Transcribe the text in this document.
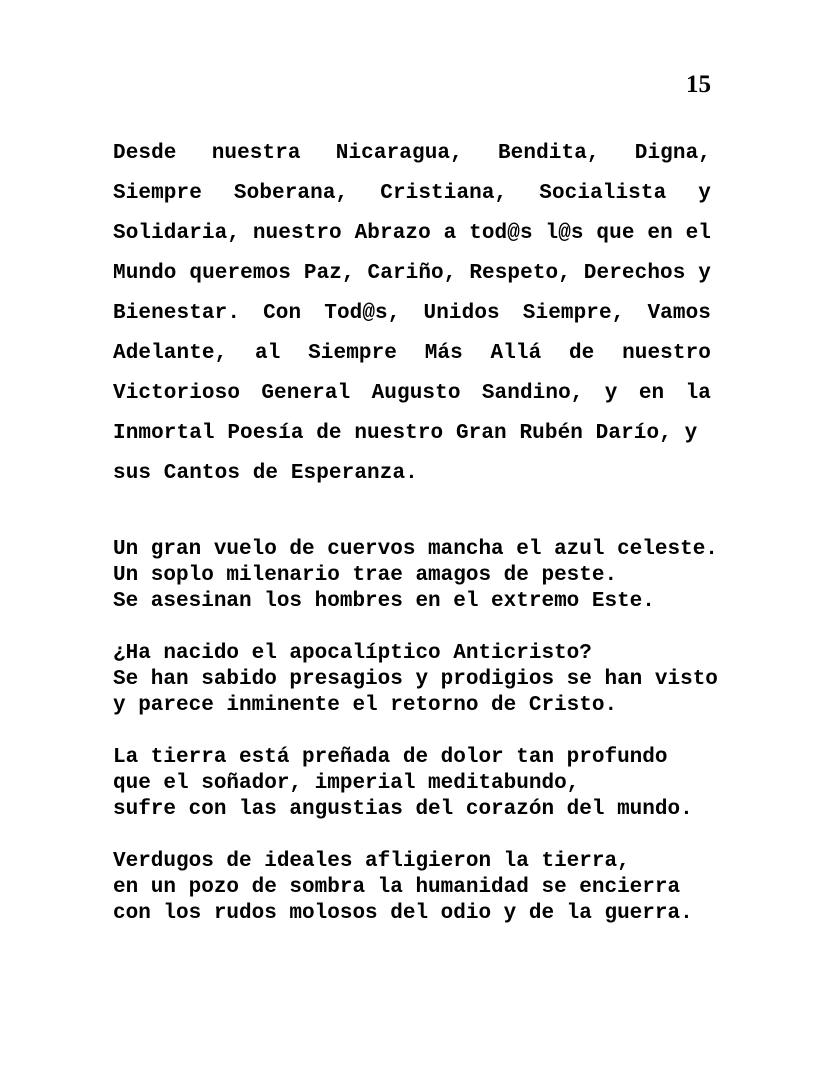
15

Desde nuestra Nicaragua, Bendita, Digna, Siempre Soberana, Cristiana, Socialista y Solidaria, nuestro Abrazo a tod@s l@s que en el Mundo queremos Paz, Cariño, Respeto, Derechos y Bienestar. Con Tod@s, Unidos Siempre, Vamos Adelante, al Siempre Más Allá de nuestro Victorioso General Augusto Sandino, y en la Inmortal Poesía de nuestro Gran Rubén Darío, y
sus Cantos de Esperanza.

Un gran vuelo de cuervos mancha el azul celeste.
Un soplo milenario trae amagos de peste.
Se asesinan los hombres en el extremo Este.
¿Ha nacido el apocalíptico Anticristo?
Se han sabido presagios y prodigios se han visto
y parece inminente el retorno de Cristo.
La tierra está preñada de dolor tan profundo
que el soñador, imperial meditabundo,
sufre con las angustias del corazón del mundo.
Verdugos de ideales afligieron la tierra,
en un pozo de sombra la humanidad se encierra
con los rudos molosos del odio y de la guerra.
